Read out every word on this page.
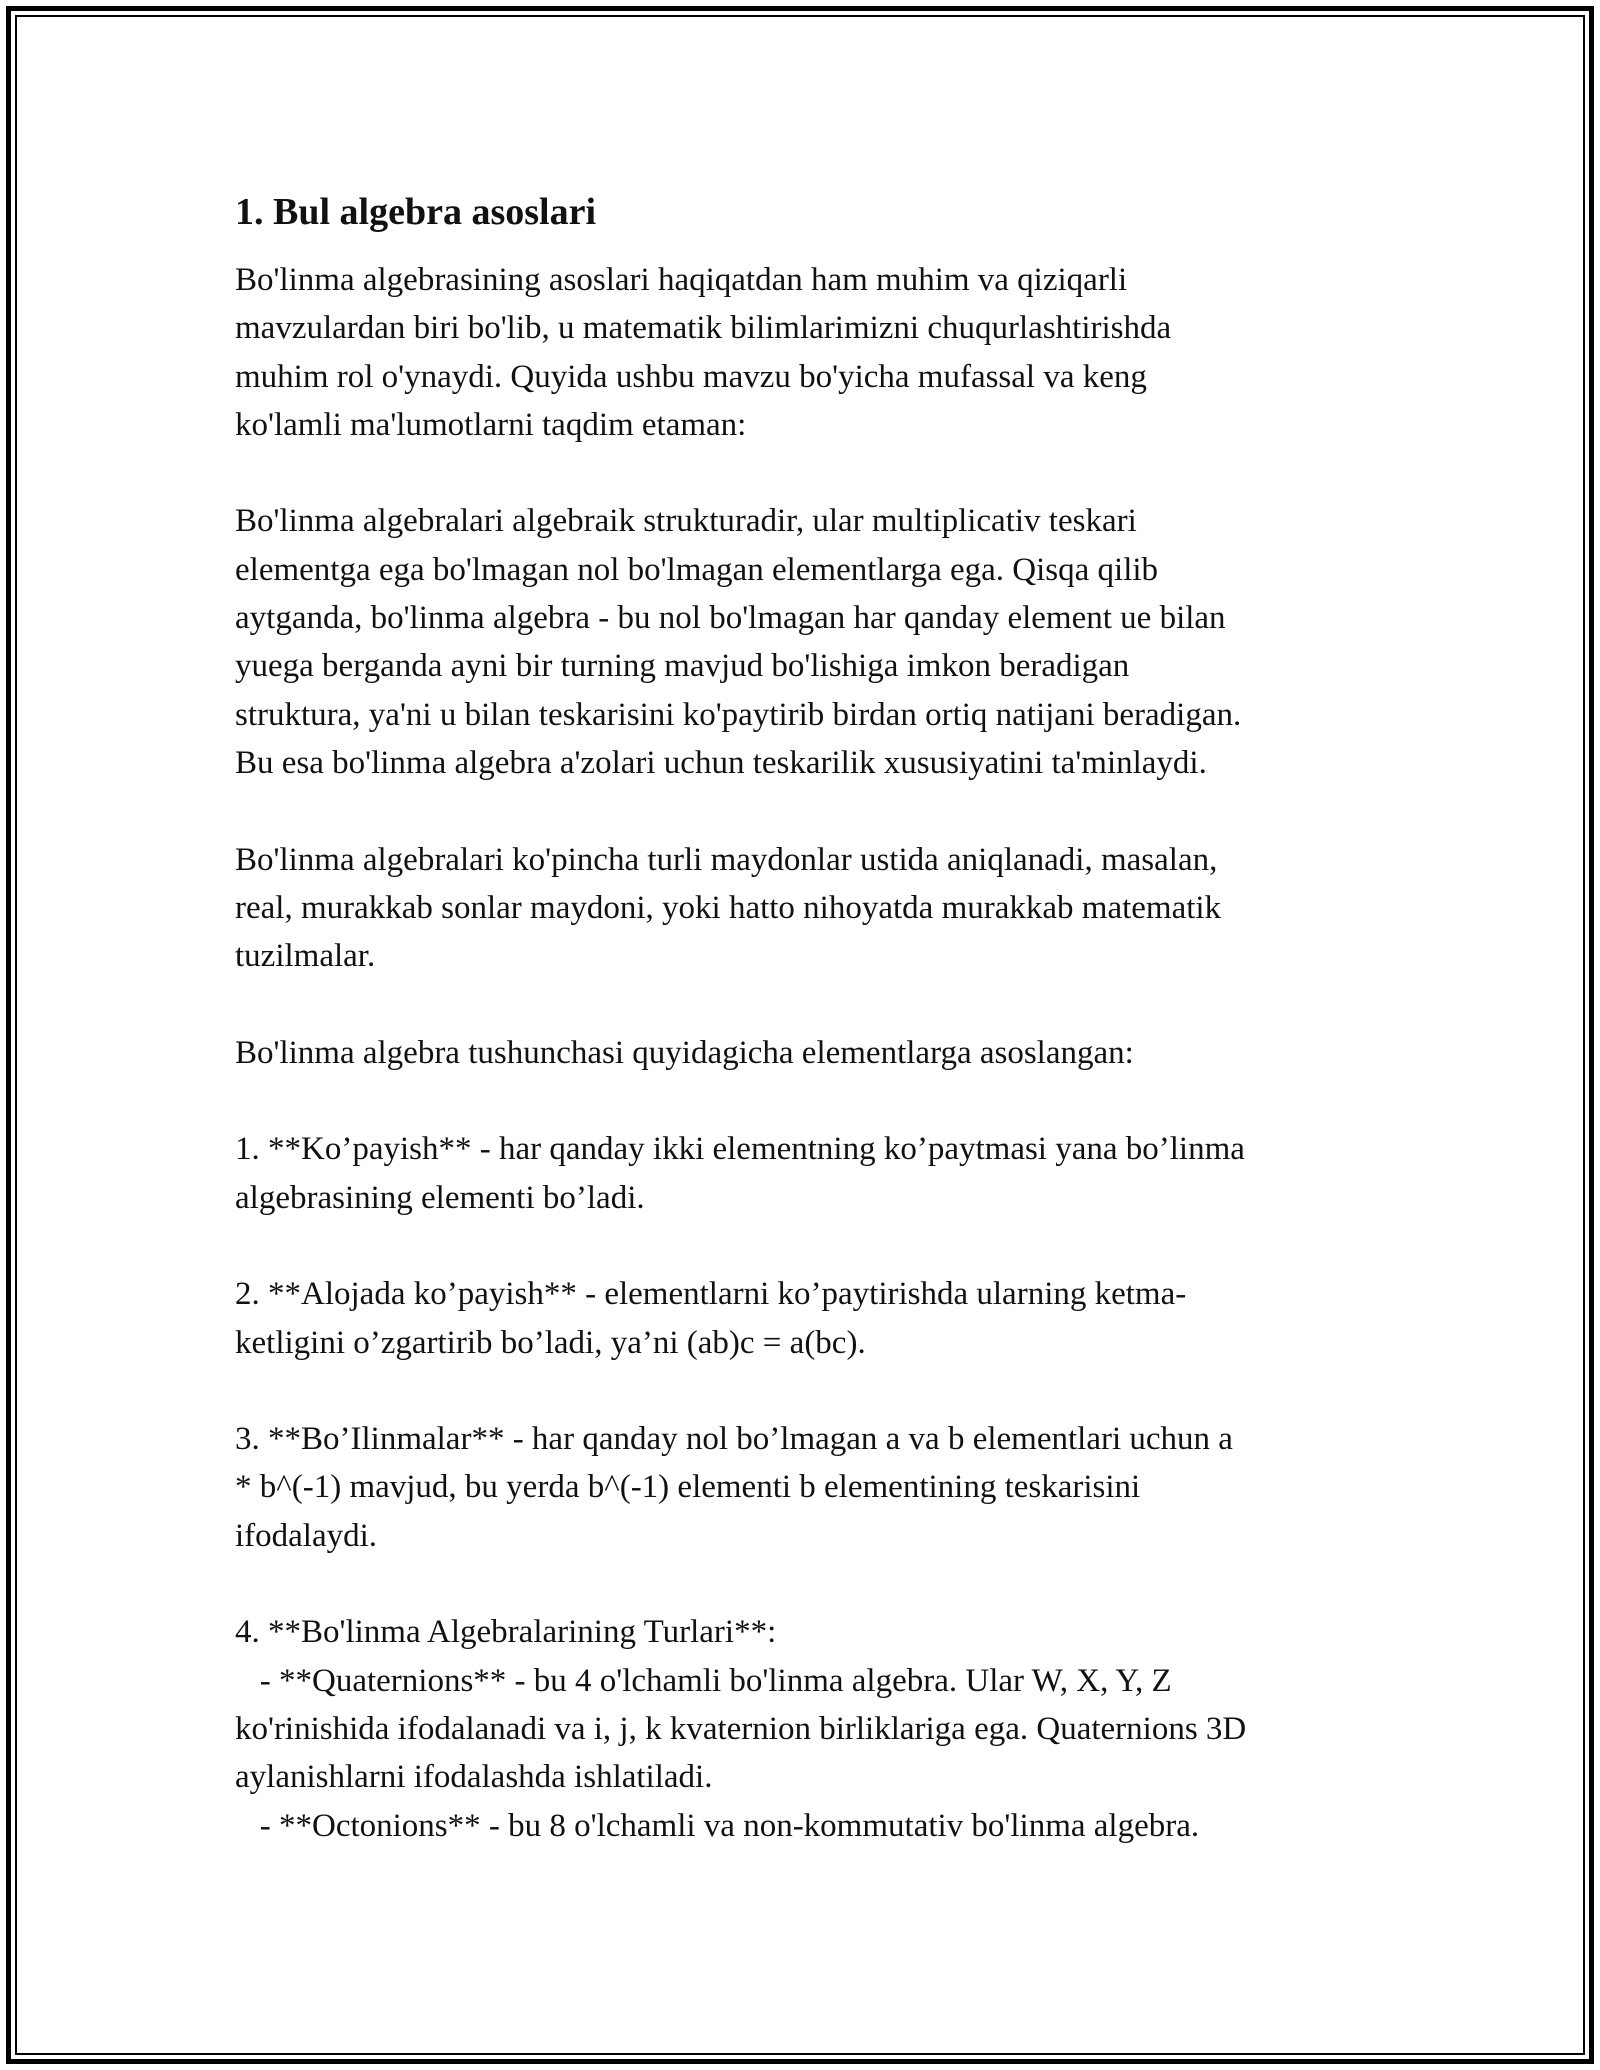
1. Bul algebra asoslari
Bo'linma algebrasining asoslari haqiqatdan ham muhim va qiziqarli
mavzulardan biri bo'lib, u matematik bilimlarimizni chuqurlashtirishda
muhim rol o'ynaydi. Quyida ushbu mavzu bo'yicha mufassal va keng
ko'lamli ma'lumotlarni taqdim etaman:
Bo'linma algebralari algebraik strukturadir, ular multiplicativ teskari
elementga ega bo'lmagan nol bo'lmagan elementlarga ega. Qisqa qilib
aytganda, bo'linma algebra - bu nol bo'lmagan har qanday element ue bilan
yuega berganda ayni bir turning mavjud bo'lishiga imkon beradigan
struktura, ya'ni u bilan teskarisini ko'paytirib birdan ortiq natijani beradigan.
Bu esa bo'linma algebra a'zolari uchun teskarilik xususiyatini ta'minlaydi.
Bo'linma algebralari ko'pincha turli maydonlar ustida aniqlanadi, masalan,
real, murakkab sonlar maydoni, yoki hatto nihoyatda murakkab matematik
tuzilmalar.
Bo'linma algebra tushunchasi quyidagicha elementlarga asoslangan:
1. **Ko’payish** - har qanday ikki elementning ko’paytmasi yana bo’linma
algebrasining elementi bo’ladi.
2. **Alojada ko’payish** - elementlarni ko’paytirishda ularning ketma-
ketligini o’zgartirib bo’ladi, ya’ni (ab)c = a(bc).
3. **Bo’Ilinmalar** - har qanday nol bo’lmagan a va b elementlari uchun a
* b^(-1) mavjud, bu yerda b^(-1) elementi b elementining teskarisini
ifodalaydi.
4. **Bo'linma Algebralarining Turlari**:
- **Quaternions** - bu 4 o'lchamli bo'linma algebra. Ular W, X, Y, Z
ko'rinishida ifodalanadi va i, j, k kvaternion birliklariga ega. Quaternions 3D
aylanishlarni ifodalashda ishlatiladi.
- **Octonions** - bu 8 o'lchamli va non-kommutativ bo'linma algebra.
